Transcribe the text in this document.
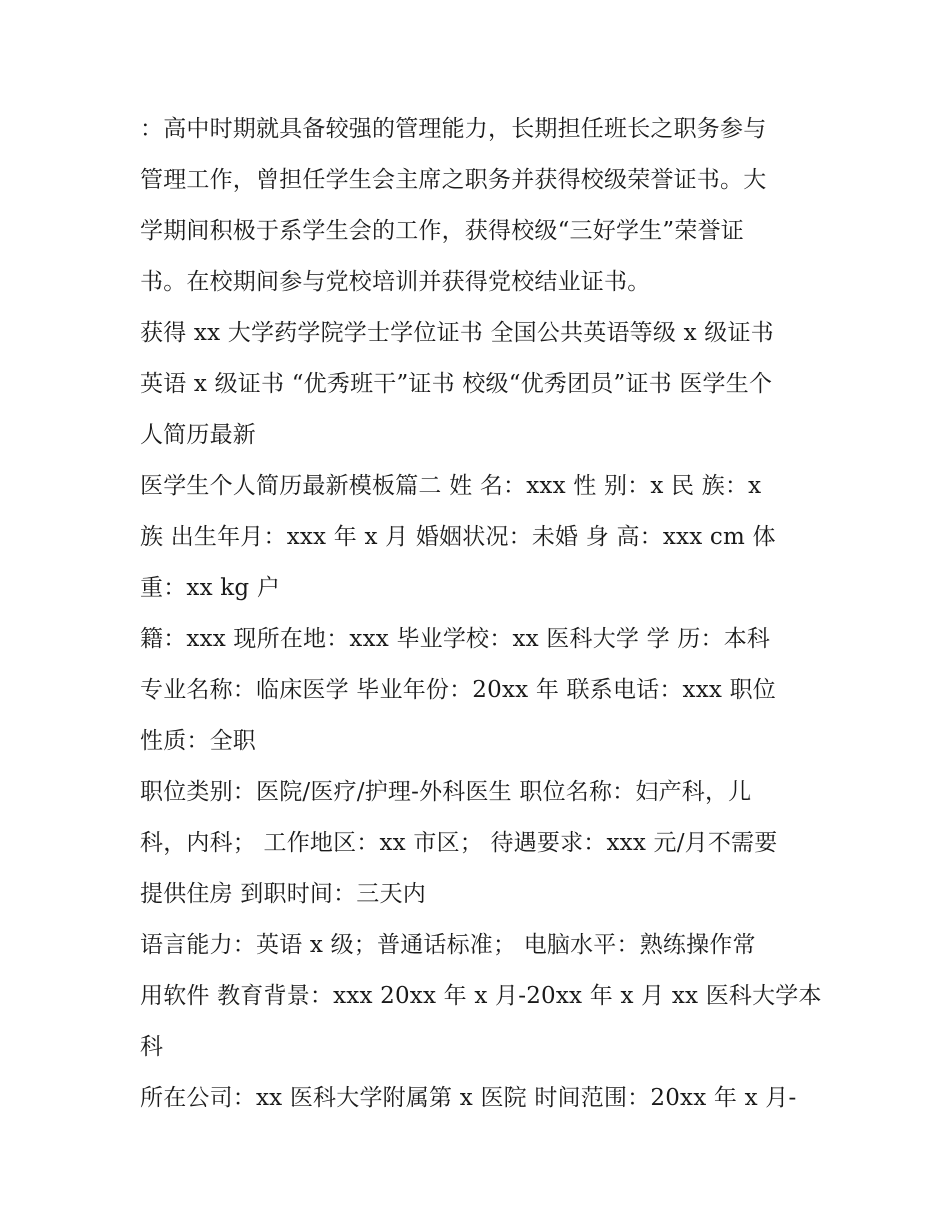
：高中时期就具备较强的管理能力，长期担任班长之职务参与
管理工作，曾担任学生会主席之职务并获得校级荣誉证书。大
学期间积极于系学生会的工作，获得校级“三好学生”荣誉证
书。在校期间参与党校培训并获得党校结业证书。

获得 xx 大学药学院学士学位证书 全国公共英语等级 x 级证书
英语 x 级证书 “优秀班干”证书 校级“优秀团员”证书 医学生个
人简历最新

医学生个人简历最新模板篇二 姓 名：xxx 性 别：x 民 族：x
族 出生年月：xxx 年 x 月 婚姻状况：未婚 身 高：xxx cm 体
重：xx kg 户

籍：xxx 现所在地：xxx 毕业学校：xx 医科大学 学 历：本科
专业名称：临床医学 毕业年份：20xx 年 联系电话：xxx 职位
性质：全职

职位类别：医院/医疗/护理-外科医生 职位名称：妇产科，儿
科，内科； 工作地区：xx 市区； 待遇要求：xxx 元/月不需要
提供住房 到职时间：三天内

语言能力：英语 x 级；普通话标准； 电脑水平：熟练操作常
用软件 教育背景：xxx 20xx 年 x 月-20xx 年 x 月 xx 医科大学本
科

所在公司：xx 医科大学附属第 x 医院 时间范围：20xx 年 x 月-
